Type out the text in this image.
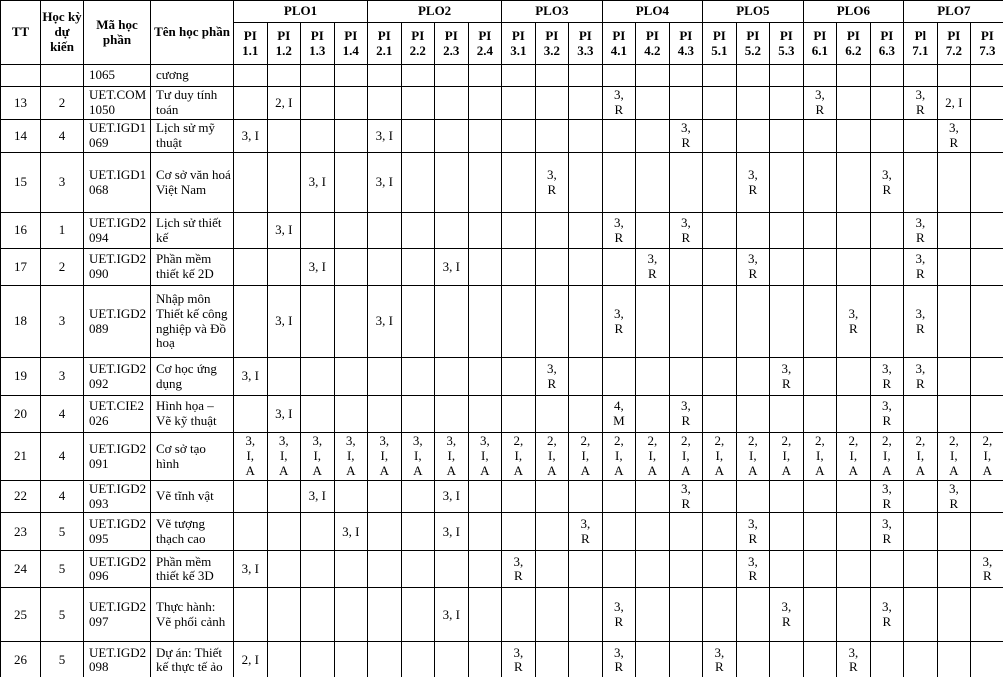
TT	Học kỳ dự kiến	Mã học phần	Tên học phần	PLO1				PLO2				PLO3			PLO4			PLO5			PLO6			PLO7		
				PI 1.1	PI 1.2	PI 1.3	PI 1.4	PI 2.1	PI 2.2	PI 2.3	PI 2.4	PI 3.1	PI 3.2	PI 3.3	PI 4.1	PI 4.2	PI 4.3	PI 5.1	PI 5.2	PI 5.3	PI 6.1	PI 6.2	PI 6.3	Pl 7.1	PI 7.2	PI 7.3
		1065	cương																							
13	2	UET.COM1050	Tư duy tính toán		2, I										3, R						3, R			3, R	2, I	
14	4	UET.IGD1069	Lịch sử mỹ thuật	3, I				3, I									3, R								3, R	
15	3	UET.IGD1068	Cơ sở văn hoá Việt Nam			3, I		3, I					3, R						3, R				3, R			
16	1	UET.IGD2094	Lịch sử thiết kế		3, I										3, R		3, R							3, R		
17	2	UET.IGD2090	Phần mềm thiết kế 2D			3, I				3, I						3, R			3, R					3, R		
18	3	UET.IGD2089	Nhập môn Thiết kế công nghiệp và Đồ hoạ		3, I			3, I							3, R							3, R		3, R		
19	3	UET.IGD2092	Cơ học ứng dụng	3, I									3, R							3, R			3, R	3, R		
20	4	UET.CIE2026	Hình họa – Vẽ kỹ thuật		3, I										4, M		3, R						3, R			
21	4	UET.IGD2091	Cơ sở tạo hình	3, I, A	3, I, A	3, I, A	3, I, A	3, I, A	3, I, A	3, I, A	3, I, A	2, I, A	2, I, A	2, I, A	2, I, A	2, I, A	2, I, A	2, I, A	2, I, A	2, I, A	2, I, A	2, I, A	2, I, A	2, I, A	2, I, A	2, I, A
22	4	UET.IGD2093	Vẽ tĩnh vật			3, I				3, I							3, R						3, R		3, R	
23	5	UET.IGD2095	Vẽ tượng thạch cao				3, I			3, I				3, R					3, R				3, R			
24	5	UET.IGD2096	Phần mềm thiết kế 3D	3, I								3, R							3, R							3, R
25	5	UET.IGD2097	Thực hành: Vẽ phối cảnh							3, I					3, R					3, R			3, R			
26	5	UET.IGD2098	Dự án: Thiết kế thực tế ảo	2, I								3, R			3, R			3, R				3, R				
